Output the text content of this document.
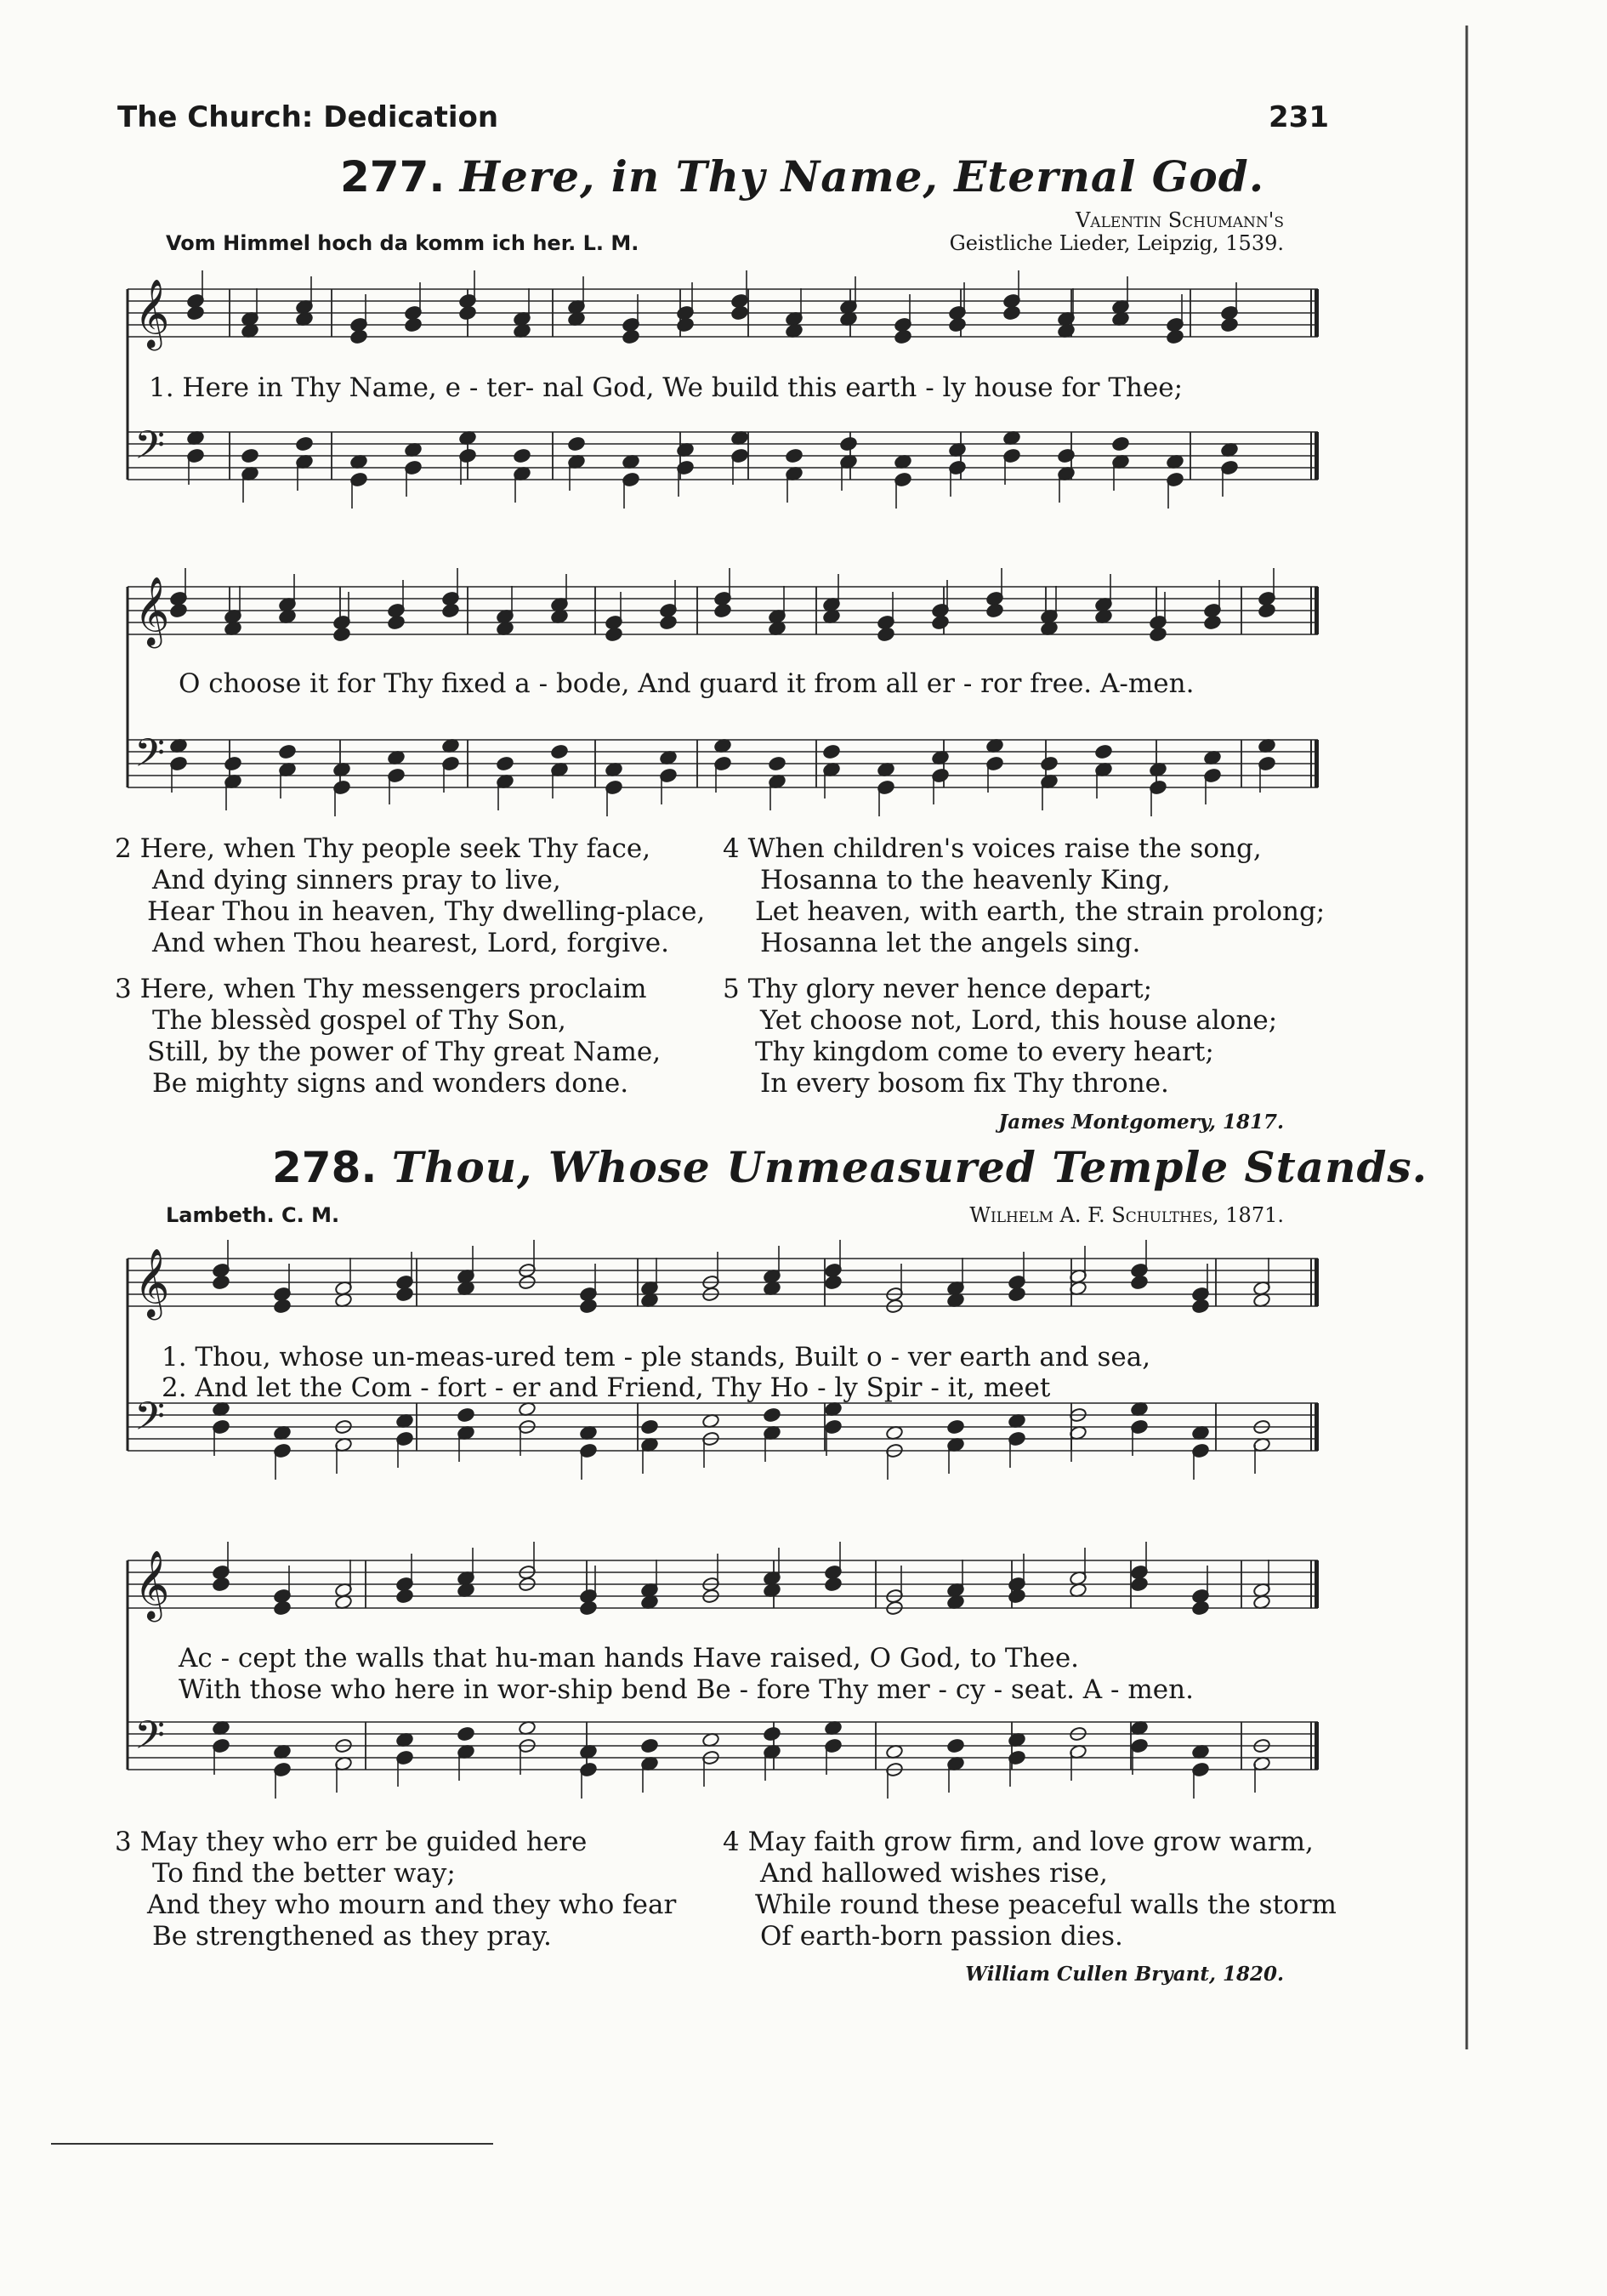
The Church: Dedication	231
277. Here, in Thy Name, Eternal God.
Valentin Schumann's
Vom Himmel hoch da komm ich her. L. M.	Geistliche Lieder, Leipzig, 1539.
𝄞
𝄢
1. Here in Thy Name, e - ter- nal God, We build this earth - ly house for Thee;
𝄞
𝄢
O choose it for Thy fixed a - bode, And guard it from all er - ror free. A-men.
2 Here, when Thy people seek Thy face,
And dying sinners pray to live,
Hear Thou in heaven, Thy dwelling-place,
And when Thou hearest, Lord, forgive.
3 Here, when Thy messengers proclaim
The blessèd gospel of Thy Son,
Still, by the power of Thy great Name,
Be mighty signs and wonders done.
4 When children's voices raise the song,
Hosanna to the heavenly King,
Let heaven, with earth, the strain prolong;
Hosanna let the angels sing.
5 Thy glory never hence depart;
Yet choose not, Lord, this house alone;
Thy kingdom come to every heart;
In every bosom fix Thy throne.
James Montgomery, 1817.
278. Thou, Whose Unmeasured Temple Stands.
Lambeth. C. M.	Wilhelm A. F. Schulthes, 1871.
𝄞
𝄢
1. Thou, whose un-meas-ured tem - ple stands, Built o - ver earth and sea,
2. And let the Com - fort - er and Friend, Thy Ho - ly Spir - it, meet
𝄞
𝄢
Ac - cept the walls that hu-man hands Have raised, O God, to Thee.
With those who here in wor-ship bend Be - fore Thy mer - cy - seat. A - men.
3 May they who err be guided here
To find the better way;
And they who mourn and they who fear
Be strengthened as they pray.
4 May faith grow firm, and love grow warm,
And hallowed wishes rise,
While round these peaceful walls the storm
Of earth-born passion dies.
William Cullen Bryant, 1820.
